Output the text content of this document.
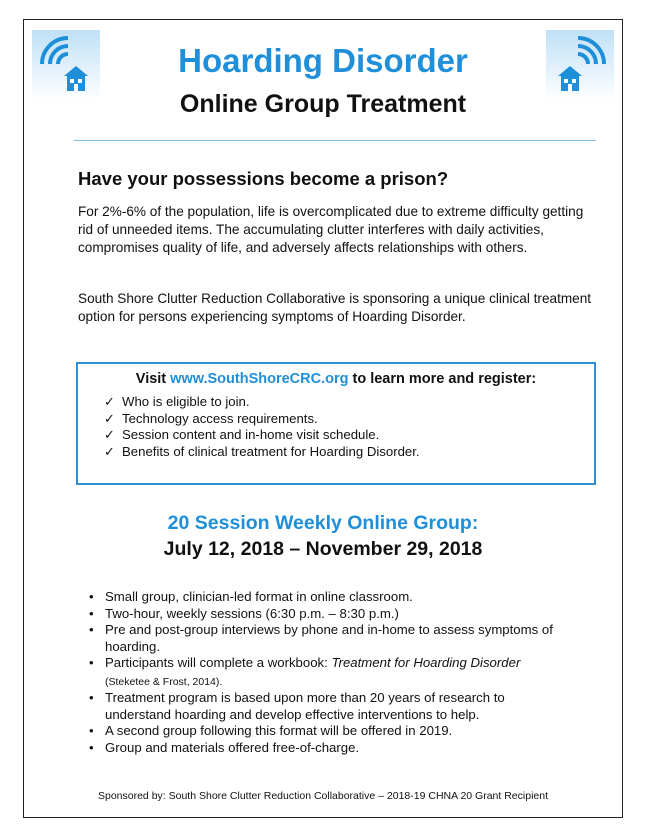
Hoarding Disorder
Online Group Treatment
Have your possessions become a prison?

For 2%-6% of the population, life is overcomplicated due to extreme difficulty getting rid of unneeded items. The accumulating clutter interferes with daily activities, compromises quality of life, and adversely affects relationships with others.

South Shore Clutter Reduction Collaborative is sponsoring a unique clinical treatment option for persons experiencing symptoms of Hoarding Disorder.

Visit www.SouthShoreCRC.org to learn more and register:
✓ Who is eligible to join.
✓ Technology access requirements.
✓ Session content and in-home visit schedule.
✓ Benefits of clinical treatment for Hoarding Disorder.
20 Session Weekly Online Group:
July 12, 2018 – November 29, 2018
• Small group, clinician-led format in online classroom.
• Two-hour, weekly sessions (6:30 p.m. – 8:30 p.m.)
• Pre and post-group interviews by phone and in-home to assess symptoms of hoarding.
• Participants will complete a workbook: Treatment for Hoarding Disorder (Steketee & Frost, 2014).
• Treatment program is based upon more than 20 years of research to understand hoarding and develop effective interventions to help.
• A second group following this format will be offered in 2019.
• Group and materials offered free-of-charge.
Sponsored by: South Shore Clutter Reduction Collaborative – 2018-19 CHNA 20 Grant Recipient
